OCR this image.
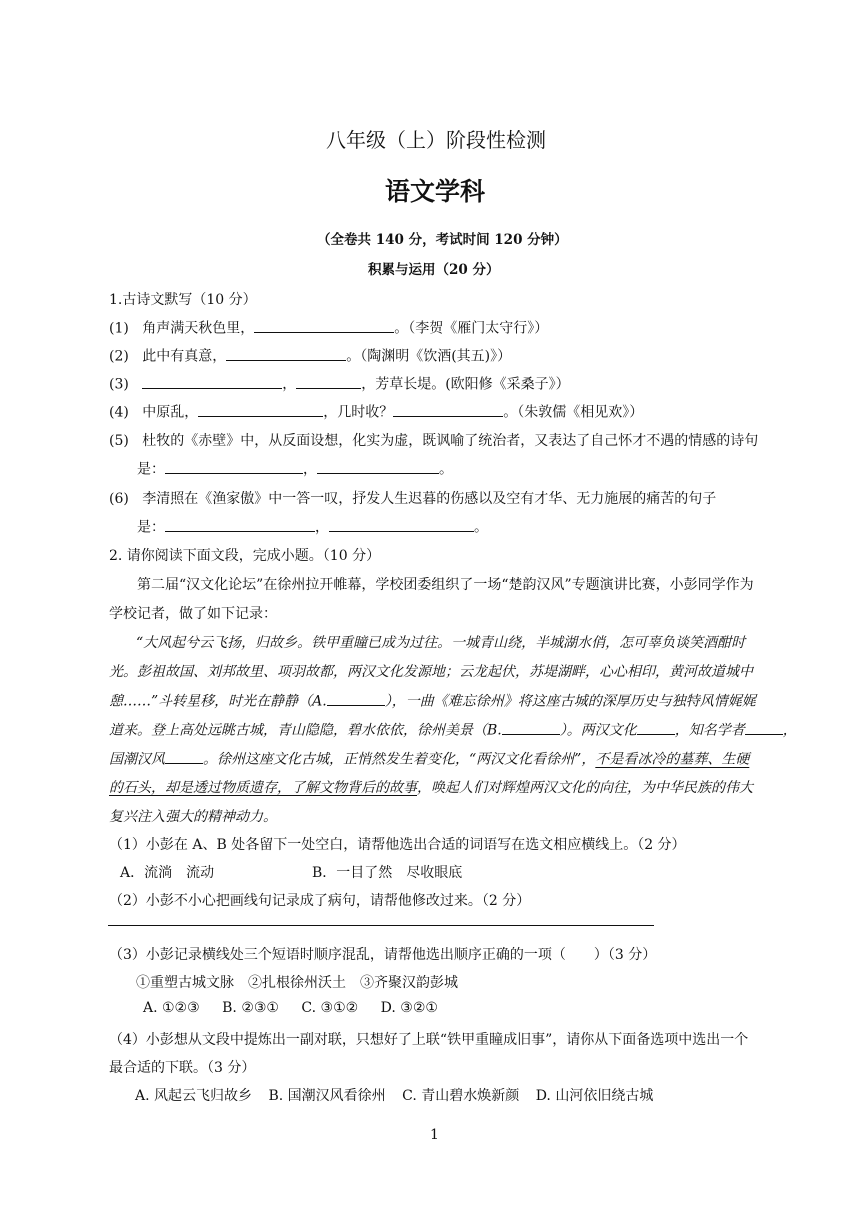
八年级（上）阶段性检测
语文学科
（全卷共 140 分，考试时间 120 分钟）
积累与运用（20 分）
1.古诗文默写（10 分）
(1) 角声满天秋色里，	。（李贺《雁门太守行》）
(2) 此中有真意，	。（陶渊明《饮酒(其五)》）
(3)	，	，芳草长堤。(欧阳修《采桑子》）
(4) 中原乱，	，几时收？	。（朱敦儒《相见欢》）
(5) 杜牧的《赤壁》中，从反面设想，化实为虚，既讽喻了统治者，又表达了自己怀才不遇的情感的诗句
是：	，	。
(6) 李清照在《渔家傲》中一答一叹，抒发人生迟暮的伤感以及空有才华、无力施展的痛苦的句子
是：	，	。
2. 请你阅读下面文段，完成小题。（10 分）
第二届“汉文化论坛”在徐州拉开帷幕，学校团委组织了一场“楚韵汉风”专题演讲比赛，小彭同学作为
学校记者，做了如下记录：
“大风起兮云飞扬，归故乡。铁甲重瞳已成为过往。一城青山绕，半城湖水俏，怎可辜负谈笑酒酣时
光。彭祖故国、刘邦故里、项羽故都，两汉文化发源地；云龙起伏，苏堤湖畔，心心相印，黄河故道城中
憩……”斗转星移，时光在静静（A.	），一曲《难忘徐州》将这座古城的深厚历史与独特风情娓娓
道来。登上高处远眺古城，青山隐隐，碧水依依，徐州美景（B.	）。两汉文化	，知名学者	，
国潮汉风	。徐州这座文化古城，正悄然发生着变化，“两汉文化看徐州”，不是看冰冷的墓葬、生硬
的石头，却是透过物质遗存，了解文物背后的故事，唤起人们对辉煌两汉文化的向往，为中华民族的伟大
复兴注入强大的精神动力。
（1）小彭在 A、B 处各留下一处空白，请帮他选出合适的词语写在选文相应横线上。（2 分）
A．流淌　流动	B．一目了然　尽收眼底
（2）小彭不小心把画线句记录成了病句，请帮他修改过来。（2 分）
（3）小彭记录横线处三个短语时顺序混乱，请帮他选出顺序正确的一项（　　）（3 分）
①重塑古城文脉　②扎根徐州沃土　③齐聚汉韵彭城
A. ①②③ B. ②③① C. ③①② D. ③②①
（4）小彭想从文段中提炼出一副对联，只想好了上联“铁甲重瞳成旧事”，请你从下面备选项中选出一个
最合适的下联。（3 分）
A. 风起云飞归故乡 B. 国潮汉风看徐州 C. 青山碧水焕新颜 D. 山河依旧绕古城
1
